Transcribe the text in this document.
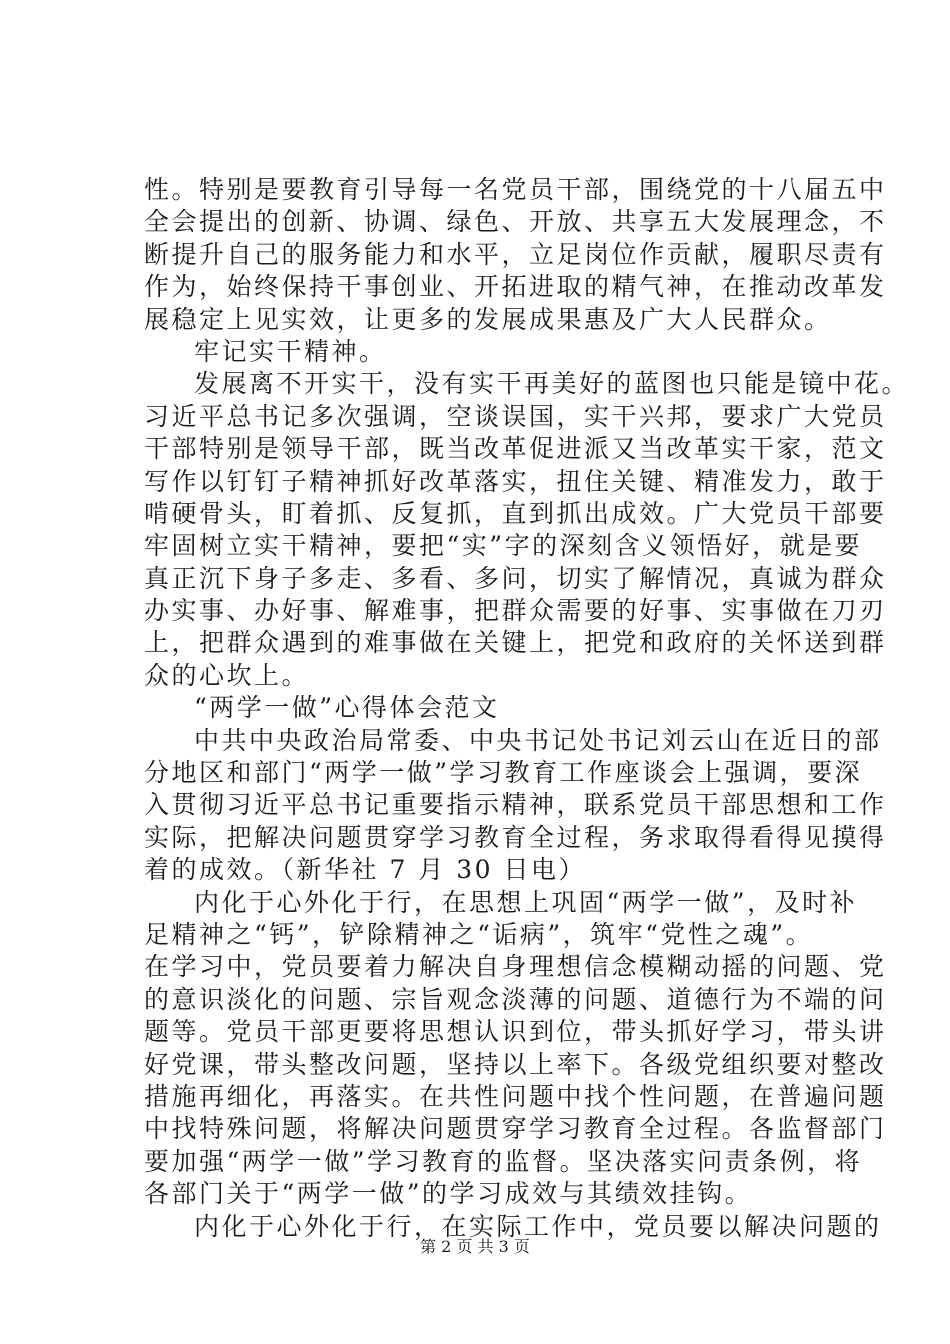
性。特别是要教育引导每一名党员干部，围绕党的十八届五中
全会提出的创新、协调、绿色、开放、共享五大发展理念，不
断提升自己的服务能力和水平，立足岗位作贡献，履职尽责有
作为，始终保持干事创业、开拓进取的精气神，在推动改革发
展稳定上见实效，让更多的发展成果惠及广大人民群众。
牢记实干精神。
发展离不开实干，没有实干再美好的蓝图也只能是镜中花。
习近平总书记多次强调，空谈误国，实干兴邦，要求广大党员
干部特别是领导干部，既当改革促进派又当改革实干家，范文
写作以钉钉子精神抓好改革落实，扭住关键、精准发力，敢于
啃硬骨头，盯着抓、反复抓，直到抓出成效。广大党员干部要
牢固树立实干精神，要把“实”字的深刻含义领悟好，就是要
真正沉下身子多走、多看、多问，切实了解情况，真诚为群众
办实事、办好事、解难事，把群众需要的好事、实事做在刀刃
上，把群众遇到的难事做在关键上，把党和政府的关怀送到群
众的心坎上。
“两学一做”心得体会范文
中共中央政治局常委、中央书记处书记刘云山在近日的部
分地区和部门“两学一做”学习教育工作座谈会上强调，要深
入贯彻习近平总书记重要指示精神，联系党员干部思想和工作
实际，把解决问题贯穿学习教育全过程，务求取得看得见摸得
着的成效。（新华社 7 月 30 日电）
内化于心外化于行，在思想上巩固“两学一做”，及时补
足精神之“钙”，铲除精神之“诟病”，筑牢“党性之魂”。
在学习中，党员要着力解决自身理想信念模糊动摇的问题、党
的意识淡化的问题、宗旨观念淡薄的问题、道德行为不端的问
题等。党员干部更要将思想认识到位，带头抓好学习，带头讲
好党课，带头整改问题，坚持以上率下。各级党组织要对整改
措施再细化，再落实。在共性问题中找个性问题，在普遍问题
中找特殊问题，将解决问题贯穿学习教育全过程。各监督部门
要加强“两学一做”学习教育的监督。坚决落实问责条例，将
各部门关于“两学一做”的学习成效与其绩效挂钩。
内化于心外化于行，在实际工作中，党员要以解决问题的
第 2 页 共 3 页
